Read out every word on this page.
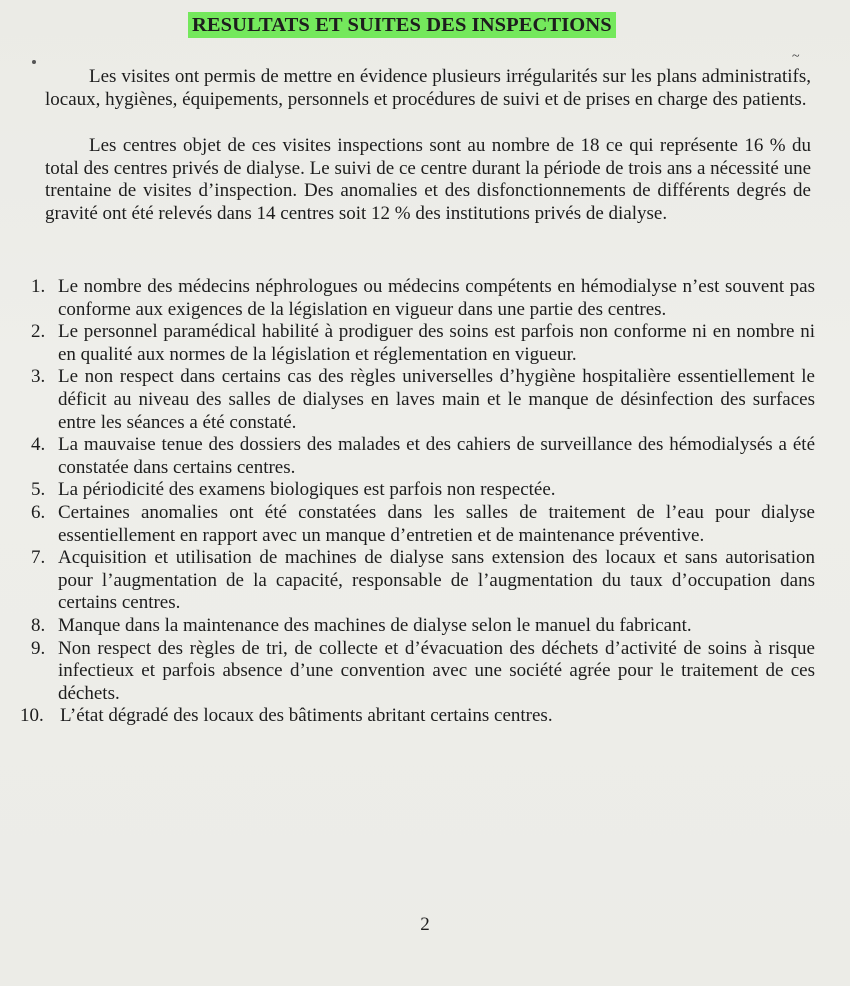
~
RESULTATS ET SUITES DES INSPECTIONS

Les visites ont permis de mettre en évidence plusieurs irrégularités sur les plans administratifs, locaux, hygiènes, équipements, personnels et procédures de suivi et de prises en charge des patients.

Les centres objet de ces visites inspections sont au nombre de 18 ce qui représente 16 % du total des centres privés de dialyse. Le suivi de ce centre durant la période de trois ans a nécessité une trentaine de visites d’inspection. Des anomalies et des disfonctionnements de différents degrés de gravité ont été relevés dans 14 centres soit 12 % des institutions privés de dialyse.

1. Le nombre des médecins néphrologues ou médecins compétents en hémodialyse n’est souvent pas conforme aux exigences de la législation en vigueur dans une partie des centres.
2. Le personnel paramédical habilité à prodiguer des soins est parfois non conforme ni en nombre ni en qualité aux normes de la législation et réglementation en vigueur.
3. Le non respect dans certains cas des règles universelles d’hygiène hospitalière essentiellement le déficit au niveau des salles de dialyses en laves main et le manque de désinfection des surfaces entre les séances a été constaté.
4. La mauvaise tenue des dossiers des malades et des cahiers de surveillance des hémodialysés a été constatée dans certains centres.
5. La périodicité des examens biologiques est parfois non respectée.
6. Certaines anomalies ont été constatées dans les salles de traitement de l’eau pour dialyse essentiellement en rapport avec un manque d’entretien et de maintenance préventive.
7. Acquisition et utilisation de machines de dialyse sans extension des locaux et sans autorisation pour l’augmentation de la capacité, responsable de l’augmentation du taux d’occupation dans certains centres.
8. Manque dans la maintenance des machines de dialyse selon le manuel du fabricant.
9. Non respect des règles de tri, de collecte et d’évacuation des déchets d’activité de soins à risque infectieux et parfois absence d’une convention avec une société agrée pour le traitement de ces déchets.
10. L’état dégradé des locaux des bâtiments abritant certains centres.
2
